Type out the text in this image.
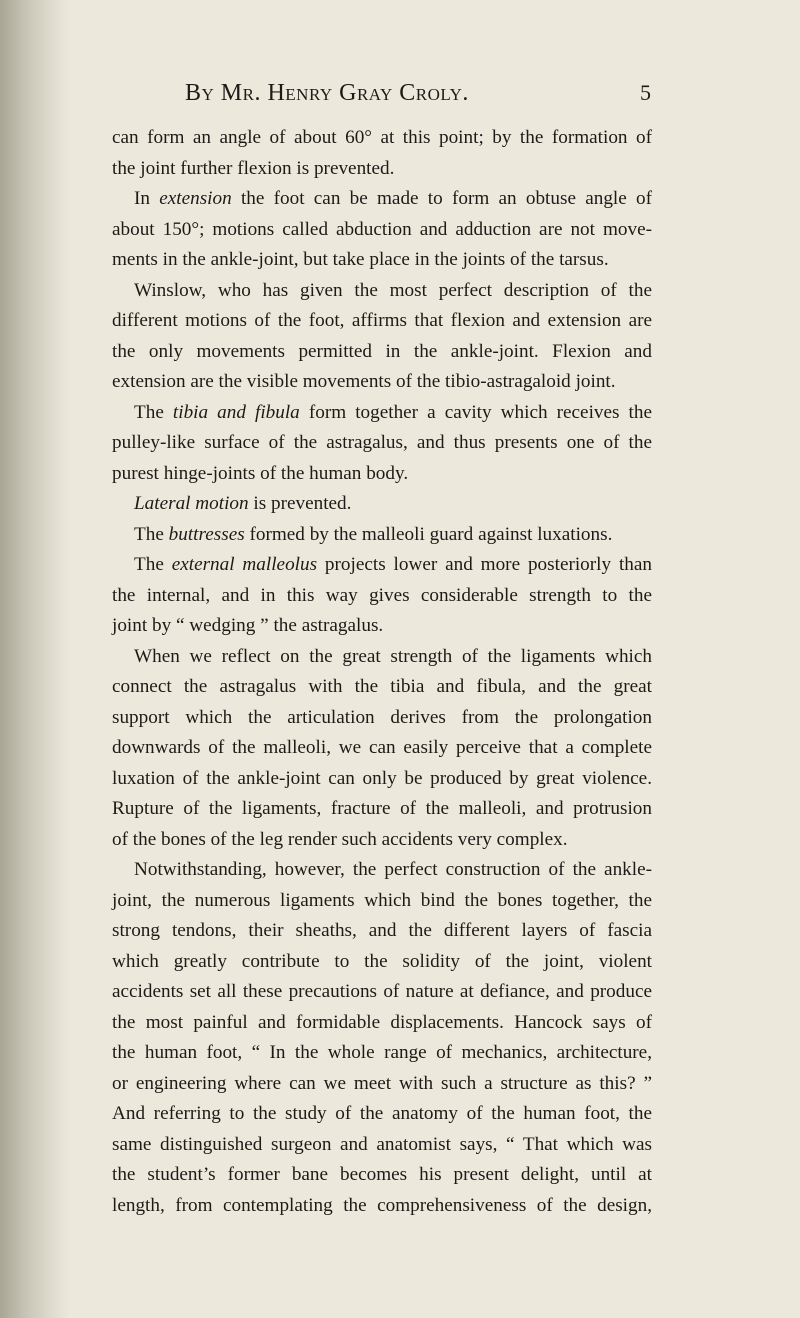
By Mr. Henry Gray Croly.	5

can form an angle of about 60° at this point; by the formation of
the joint further flexion is prevented.

In extension the foot can be made to form an obtuse angle of
about 150°; motions called abduction and adduction are not move-
ments in the ankle-joint, but take place in the joints of the tarsus.

Winslow, who has given the most perfect description of the
different motions of the foot, affirms that flexion and extension are
the only movements permitted in the ankle-joint. Flexion and
extension are the visible movements of the tibio-astragaloid joint.

The tibia and fibula form together a cavity which receives the
pulley-like surface of the astragalus, and thus presents one of the
purest hinge-joints of the human body.

Lateral motion is prevented.

The buttresses formed by the malleoli guard against luxations.

The external malleolus projects lower and more posteriorly than
the internal, and in this way gives considerable strength to the
joint by “ wedging ” the astragalus.

When we reflect on the great strength of the ligaments which
connect the astragalus with the tibia and fibula, and the great
support which the articulation derives from the prolongation
downwards of the malleoli, we can easily perceive that a complete
luxation of the ankle-joint can only be produced by great violence.
Rupture of the ligaments, fracture of the malleoli, and protrusion
of the bones of the leg render such accidents very complex.

Notwithstanding, however, the perfect construction of the ankle-
joint, the numerous ligaments which bind the bones together, the
strong tendons, their sheaths, and the different layers of fascia
which greatly contribute to the solidity of the joint, violent
accidents set all these precautions of nature at defiance, and produce
the most painful and formidable displacements. Hancock says of
the human foot, “ In the whole range of mechanics, architecture,
or engineering where can we meet with such a structure as this? ”
And referring to the study of the anatomy of the human foot, the
same distinguished surgeon and anatomist says, “ That which was
the student’s former bane becomes his present delight, until at
length, from contemplating the comprehensiveness of the design,
